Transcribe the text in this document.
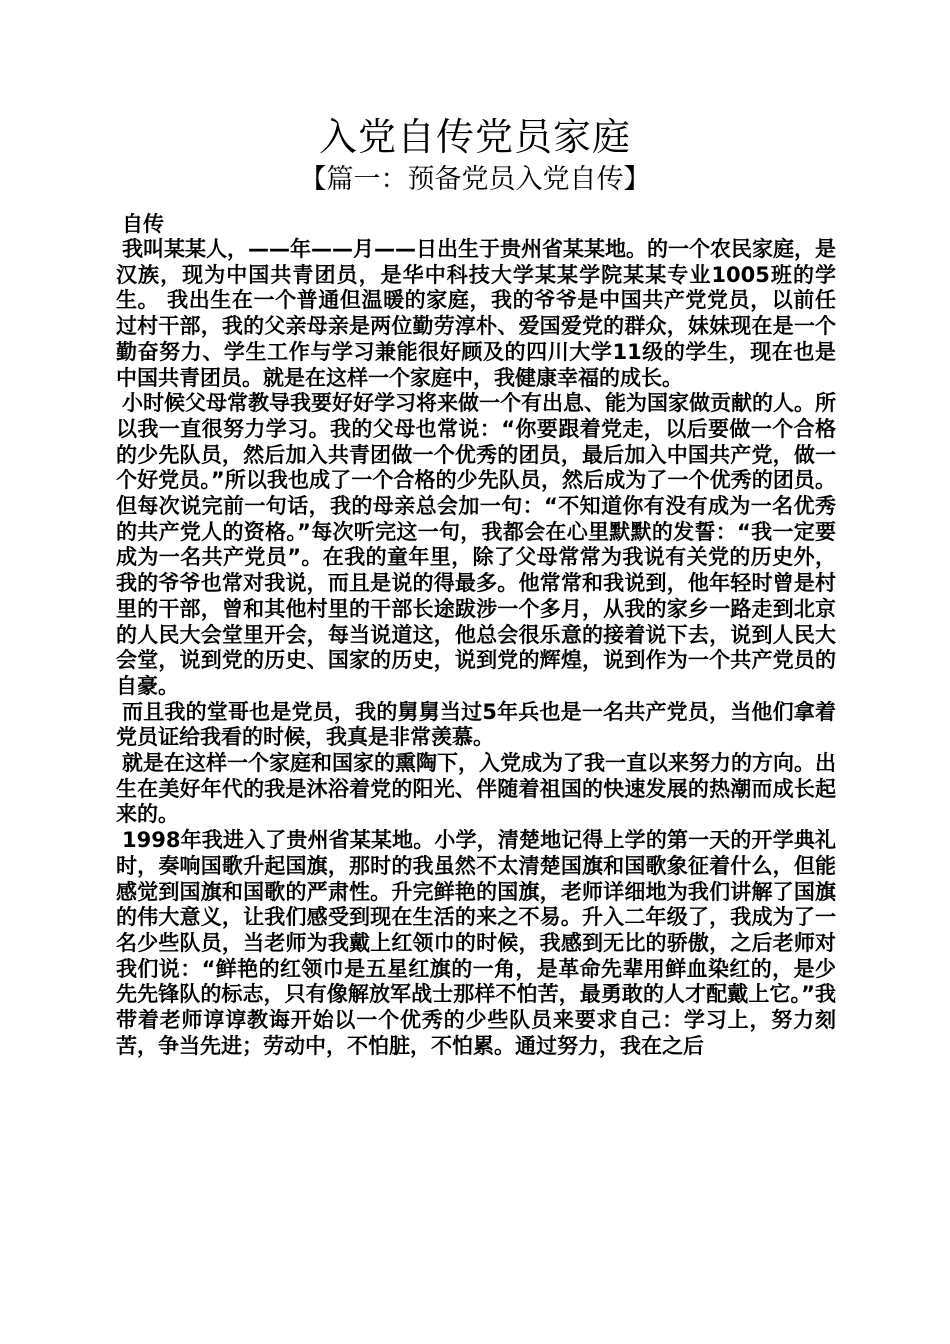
入党自传党员家庭
【篇一：预备党员入党自传】
自传

我叫某某人，——年——月——日出生于贵州省某某地。的一个农民家庭，是汉族，现为中国共青团员，是华中科技大学某某学院某某专业1005班的学生。 我出生在一个普通但温暖的家庭，我的爷爷是中国共产党党员，以前任过村干部，我的父亲母亲是两位勤劳淳朴、爱国爱党的群众，妹妹现在是一个勤奋努力、学生工作与学习兼能很好顾及的四川大学11级的学生，现在也是中国共青团员。就是在这样一个家庭中，我健康幸福的成长。

小时候父母常教导我要好好学习将来做一个有出息、能为国家做贡献的人。所以我一直很努力学习。我的父母也常说：“你要跟着党走，以后要做一个合格的少先队员，然后加入共青团做一个优秀的团员，最后加入中国共产党，做一个好党员。”所以我也成了一个合格的少先队员，然后成为了一个优秀的团员。但每次说完前一句话，我的母亲总会加一句：“不知道你有没有成为一名优秀的共产党人的资格。”每次听完这一句，我都会在心里默默的发誓：“我一定要成为一名共产党员”。在我的童年里，除了父母常常为我说有关党的历史外，我的爷爷也常对我说，而且是说的得最多。他常常和我说到，他年轻时曾是村里的干部，曾和其他村里的干部长途跋涉一个多月，从我的家乡一路走到北京的人民大会堂里开会，每当说道这，他总会很乐意的接着说下去，说到人民大会堂，说到党的历史、国家的历史，说到党的辉煌，说到作为一个共产党员的自豪。

而且我的堂哥也是党员，我的舅舅当过5年兵也是一名共产党员，当他们拿着党员证给我看的时候，我真是非常羡慕。

就是在这样一个家庭和国家的熏陶下，入党成为了我一直以来努力的方向。出生在美好年代的我是沐浴着党的阳光、伴随着祖国的快速发展的热潮而成长起来的。

1998年我进入了贵州省某某地。小学，清楚地记得上学的第一天的开学典礼时，奏响国歌升起国旗，那时的我虽然不太清楚国旗和国歌象征着什么，但能感觉到国旗和国歌的严肃性。升完鲜艳的国旗，老师详细地为我们讲解了国旗的伟大意义，让我们感受到现在生活的来之不易。升入二年级了，我成为了一名少些队员，当老师为我戴上红领巾的时候，我感到无比的骄傲，之后老师对我们说：“鲜艳的红领巾是五星红旗的一角，是革命先辈用鲜血染红的，是少先先锋队的标志，只有像解放军战士那样不怕苦，最勇敢的人才配戴上它。”我带着老师谆谆教诲开始以一个优秀的少些队员来要求自己：学习上，努力刻苦，争当先进；劳动中，不怕脏，不怕累。通过努力，我在之后
